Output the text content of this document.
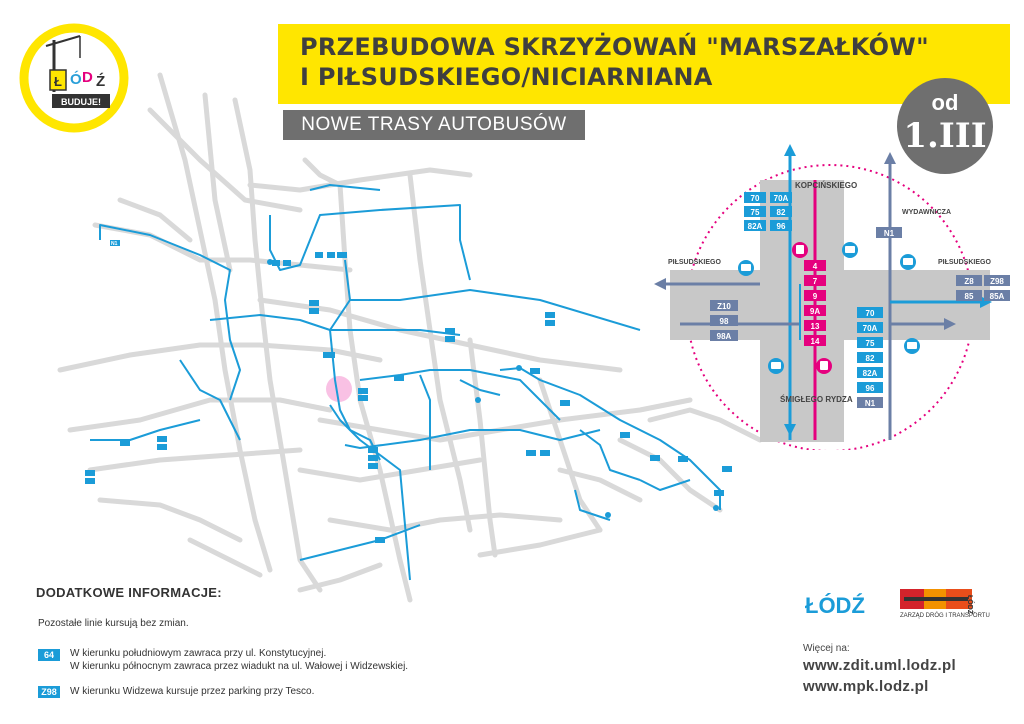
Ł Ó D Ź
BUDUJE!
PRZEBUDOWA SKRZYŻOWAŃ "MARSZAŁKÓW"
I PIŁSUDSKIEGO/NICIARNIANA
NOWE TRASY AUTOBUSÓW
od
1.III
N1
KOPCIŃSKIEGO
ŚMIGŁEGO RYDZA
PIŁSUDSKIEGO	PIŁSUDSKIEGO
WYDAWNICZA
70 70A
75 82
82A 96
4
7
9
9A
13
14
Z10
98
98A
N1
Z8 Z98
85 85A
70
70A
75
82
82A
96
N1
DODATKOWE INFORMACJE:
Pozostałe linie kursują bez zmian.
64	W kierunku południowym zawraca przy ul. Konstytucyjnej.
W kierunku północnym zawraca przez wiadukt na ul. Wałowej i Widzewskiej.
Z98	W kierunku Widzewa kursuje przez parking przy Tesco.
ŁÓDŹ	ŁÓDŹ
ZARZĄD DRÓG I TRANSPORTU
Więcej na:
www.zdit.uml.lodz.pl
www.mpk.lodz.pl
